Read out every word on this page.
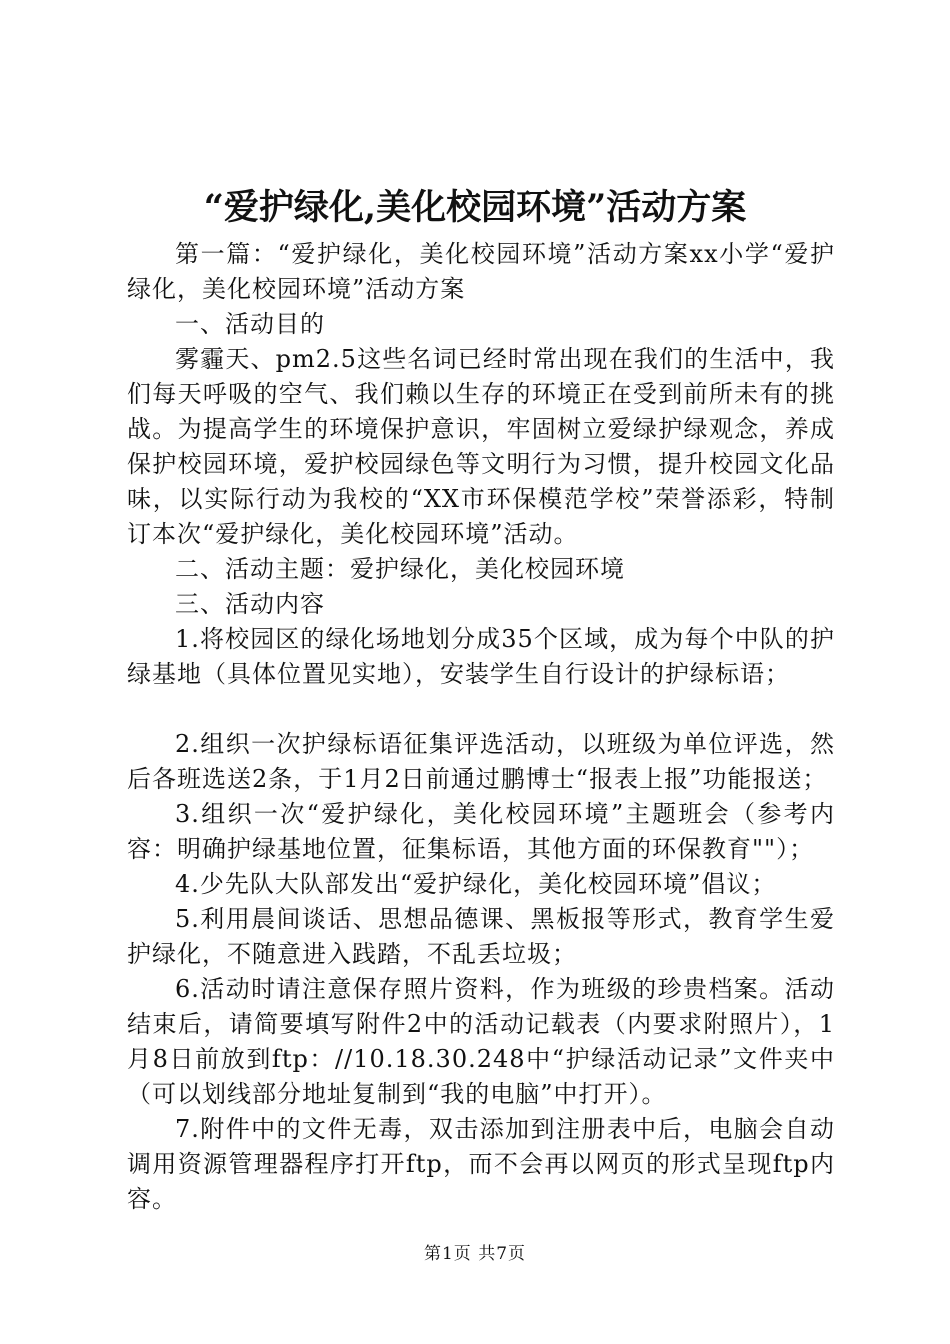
“爱护绿化,美化校园环境”活动方案

第一篇：“爱护绿化，美化校园环境”活动方案xx小学“爱护绿化，美化校园环境”活动方案

一、活动目的

雾霾天、pm2.5这些名词已经时常出现在我们的生活中，我们每天呼吸的空气、我们赖以生存的环境正在受到前所未有的挑战。为提高学生的环境保护意识，牢固树立爱绿护绿观念，养成保护校园环境，爱护校园绿色等文明行为习惯，提升校园文化品味，以实际行动为我校的“XX市环保模范学校”荣誉添彩，特制订本次“爱护绿化，美化校园环境”活动。

二、活动主题：爱护绿化，美化校园环境

三、活动内容

1.将校园区的绿化场地划分成35个区域，成为每个中队的护绿基地（具体位置见实地），安装学生自行设计的护绿标语；

2.组织一次护绿标语征集评选活动，以班级为单位评选，然后各班选送2条，于1月2日前通过鹏博士“报表上报”功能报送；

3.组织一次“爱护绿化，美化校园环境”主题班会（参考内容：明确护绿基地位置，征集标语，其他方面的环保教育""）；

4.少先队大队部发出“爱护绿化，美化校园环境”倡议；

5.利用晨间谈话、思想品德课、黑板报等形式，教育学生爱护绿化，不随意进入践踏，不乱丢垃圾；

6.活动时请注意保存照片资料，作为班级的珍贵档案。活动结束后，请简要填写附件2中的活动记载表（内要求附照片），1月8日前放到ftp：//10.18.30.248中“护绿活动记录”文件夹中（可以划线部分地址复制到“我的电脑”中打开）。

7.附件中的文件无毒，双击添加到注册表中后，电脑会自动调用资源管理器程序打开ftp，而不会再以网页的形式呈现ftp内容。

第1页 共7页
